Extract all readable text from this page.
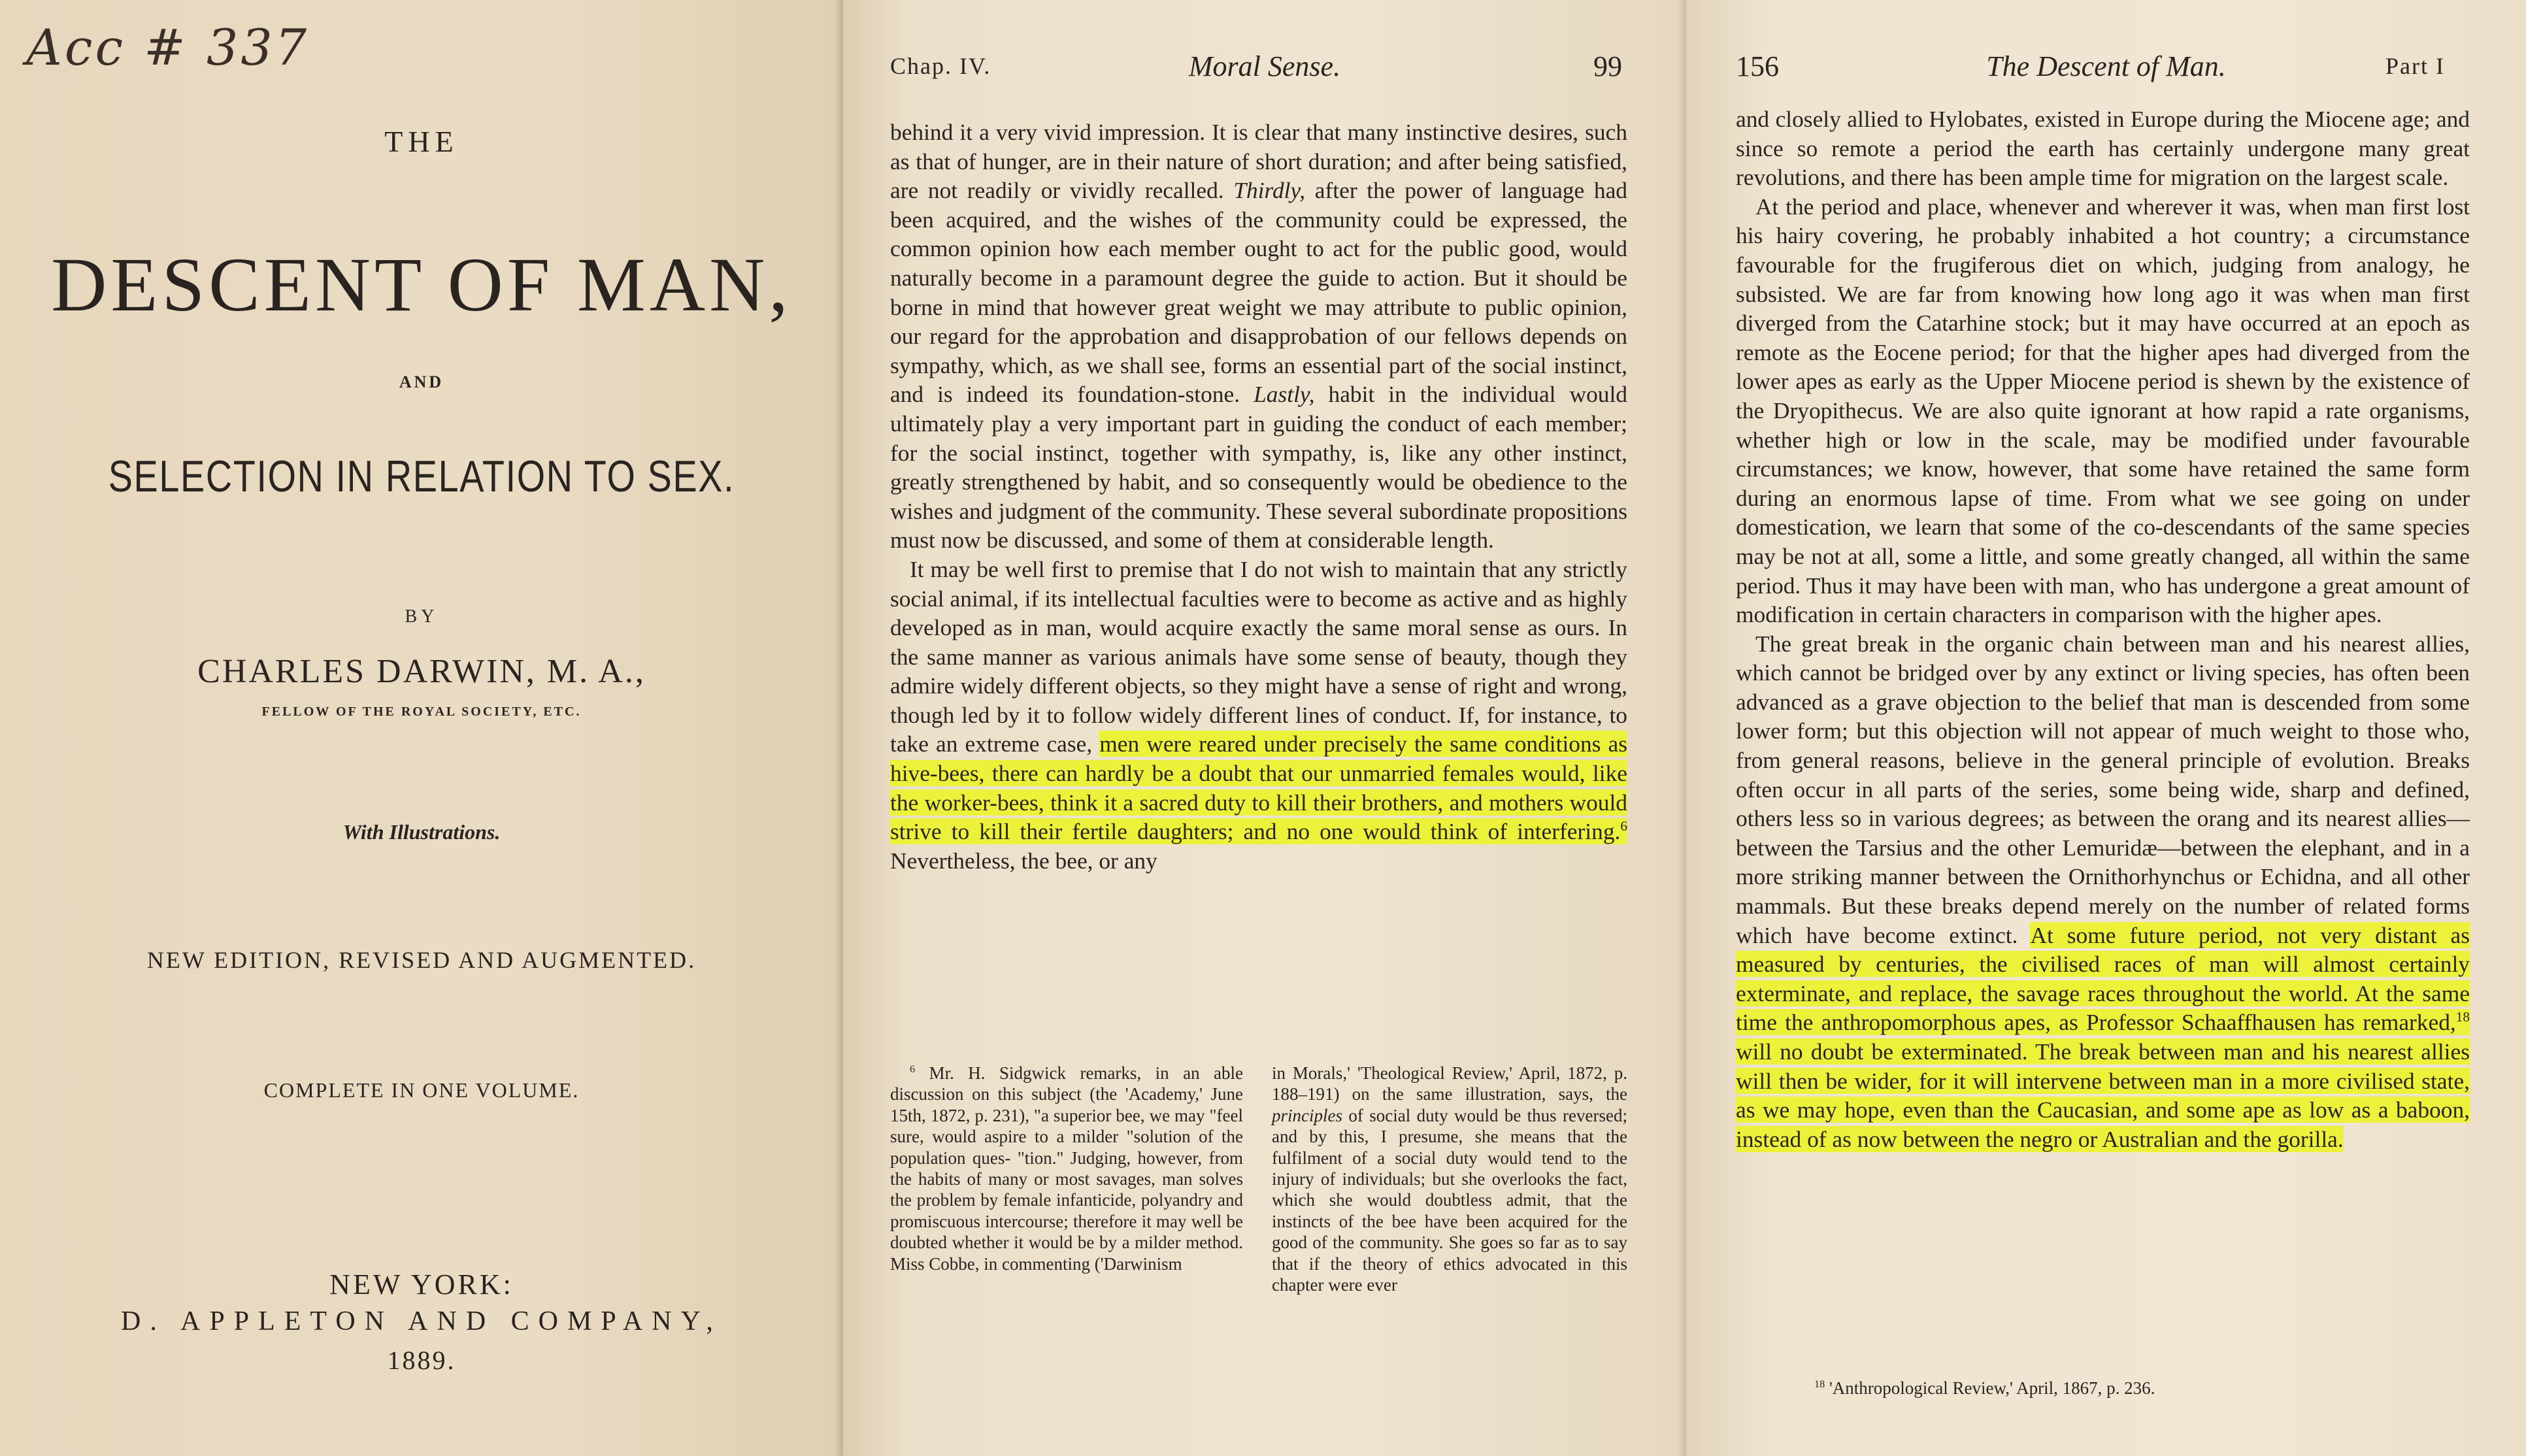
Acc # 337
THE
DESCENT OF MAN,
AND
SELECTION IN RELATION TO SEX.
BY
CHARLES DARWIN, M. A.,
FELLOW OF THE ROYAL SOCIETY, ETC.
With Illustrations.
NEW EDITION, REVISED AND AUGMENTED.
COMPLETE IN ONE VOLUME.
NEW YORK:
D. APPLETON AND COMPANY,
1889.
Chap. IV.	Moral Sense.	99

behind it a very vivid impression. It is clear that many instinctive desires, such as that of hunger, are in their nature of short duration; and after being satisfied, are not readily or vividly recalled. Thirdly, after the power of language had been acquired, and the wishes of the community could be expressed, the common opinion how each member ought to act for the public good, would naturally become in a paramount degree the guide to action. But it should be borne in mind that however great weight we may attribute to public opinion, our regard for the approbation and disapprobation of our fellows depends on sympathy, which, as we shall see, forms an essential part of the social instinct, and is indeed its foundation-stone. Lastly, habit in the individual would ultimately play a very important part in guiding the conduct of each member; for the social instinct, together with sympathy, is, like any other instinct, greatly strengthened by habit, and so consequently would be obedience to the wishes and judgment of the community. These several subordinate propositions must now be discussed, and some of them at considerable length.

It may be well first to premise that I do not wish to maintain that any strictly social animal, if its intellectual faculties were to become as active and as highly developed as in man, would acquire exactly the same moral sense as ours. In the same manner as various animals have some sense of beauty, though they admire widely different objects, so they might have a sense of right and wrong, though led by it to follow widely different lines of conduct. If, for instance, to take an extreme case, men were reared under precisely the same conditions as hive-bees, there can hardly be a doubt that our unmarried females would, like the worker-bees, think it a sacred duty to kill their brothers, and mothers would strive to kill their fertile daughters; and no one would think of interfering.$^6$ Nevertheless, the bee, or any

$^6$ Mr. H. Sidgwick remarks, in an able discussion on this subject (the 'Academy,' June 15th, 1872, p. 231), "a superior bee, we may "feel sure, would aspire to a milder "solution of the population ques- "tion." Judging, however, from the habits of many or most savages, man solves the problem by female infanticide, polyandry and promiscuous intercourse; therefore it may well be doubted whether it would be by a milder method. Miss Cobbe, in commenting ('Darwinism

in Morals,' 'Theological Review,' April, 1872, p. 188–191) on the same illustration, says, the principles of social duty would be thus reversed; and by this, I presume, she means that the fulfilment of a social duty would tend to the injury of individuals; but she overlooks the fact, which she would doubtless admit, that the instincts of the bee have been acquired for the good of the community. She goes so far as to say that if the theory of ethics advocated in this chapter were ever

156	The Descent of Man.	Part I

and closely allied to Hylobates, existed in Europe during the Miocene age; and since so remote a period the earth has certainly undergone many great revolutions, and there has been ample time for migration on the largest scale.

At the period and place, whenever and wherever it was, when man first lost his hairy covering, he probably inhabited a hot country; a circumstance favourable for the frugiferous diet on which, judging from analogy, he subsisted. We are far from knowing how long ago it was when man first diverged from the Catarhine stock; but it may have occurred at an epoch as remote as the Eocene period; for that the higher apes had diverged from the lower apes as early as the Upper Miocene period is shewn by the existence of the Dryopithecus. We are also quite ignorant at how rapid a rate organisms, whether high or low in the scale, may be modified under favourable circumstances; we know, however, that some have retained the same form during an enormous lapse of time. From what we see going on under domestication, we learn that some of the co-descendants of the same species may be not at all, some a little, and some greatly changed, all within the same period. Thus it may have been with man, who has undergone a great amount of modification in certain characters in comparison with the higher apes.

The great break in the organic chain between man and his nearest allies, which cannot be bridged over by any extinct or living species, has often been advanced as a grave objection to the belief that man is descended from some lower form; but this objection will not appear of much weight to those who, from general reasons, believe in the general principle of evolution. Breaks often occur in all parts of the series, some being wide, sharp and defined, others less so in various degrees; as between the orang and its nearest allies—between the Tarsius and the other Lemuridæ—between the elephant, and in a more striking manner between the Ornithorhynchus or Echidna, and all other mammals. But these breaks depend merely on the number of related forms which have become extinct. At some future period, not very distant as measured by centuries, the civilised races of man will almost certainly exterminate, and replace, the savage races throughout the world. At the same time the anthropomorphous apes, as Professor Schaaffhausen has remarked,$^{18}$ will no doubt be exterminated. The break between man and his nearest allies will then be wider, for it will intervene between man in a more civilised state, as we may hope, even than the Caucasian, and some ape as low as a baboon, instead of as now between the negro or Australian and the gorilla.

$^{18}$ 'Anthropological Review,' April, 1867, p. 236.
